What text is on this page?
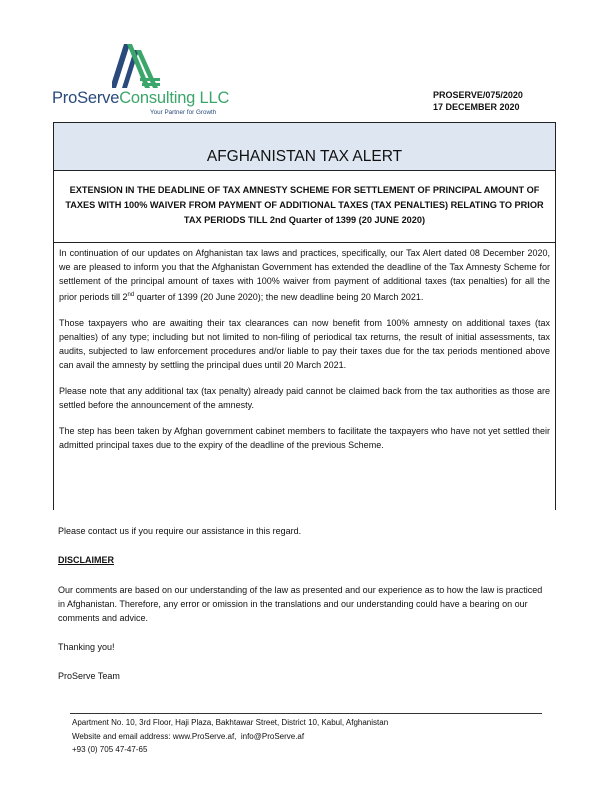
ProServeConsulting LLC
Your Partner for Growth
PROSERVE/075/2020
17 DECEMBER 2020
AFGHANISTAN TAX ALERT
EXTENSION IN THE DEADLINE OF TAX AMNESTY SCHEME FOR SETTLEMENT OF PRINCIPAL AMOUNT OF TAXES WITH 100% WAIVER FROM PAYMENT OF ADDITIONAL TAXES (TAX PENALTIES) RELATING TO PRIOR TAX PERIODS TILL 2nd Quarter of 1399 (20 JUNE 2020)

In continuation of our updates on Afghanistan tax laws and practices, specifically, our Tax Alert dated 08 December 2020, we are pleased to inform you that the Afghanistan Government has extended the deadline of the Tax Amnesty Scheme for settlement of the principal amount of taxes with 100% waiver from payment of additional taxes (tax penalties) for all the prior periods till 2nd quarter of 1399 (20 June 2020); the new deadline being 20 March 2021.

Those taxpayers who are awaiting their tax clearances can now benefit from 100% amnesty on additional taxes (tax penalties) of any type; including but not limited to non-filing of periodical tax returns, the result of initial assessments, tax audits, subjected to law enforcement procedures and/or liable to pay their taxes due for the tax periods mentioned above can avail the amnesty by settling the principal dues until 20 March 2021.

Please note that any additional tax (tax penalty) already paid cannot be claimed back from the tax authorities as those are settled before the announcement of the amnesty.

The step has been taken by Afghan government cabinet members to facilitate the taxpayers who have not yet settled their admitted principal taxes due to the expiry of the deadline of the previous Scheme.

Please contact us if you require our assistance in this regard.
DISCLAIMER
Our comments are based on our understanding of the law as presented and our experience as to how the law is practiced in Afghanistan. Therefore, any error or omission in the translations and our understanding could have a bearing on our comments and advice.
Thanking you!
ProServe Team
Apartment No. 10, 3rd Floor, Haji Plaza, Bakhtawar Street, District 10, Kabul, Afghanistan
Website and email address: www.ProServe.af, info@ProServe.af
+93 (0) 705 47-47-65
